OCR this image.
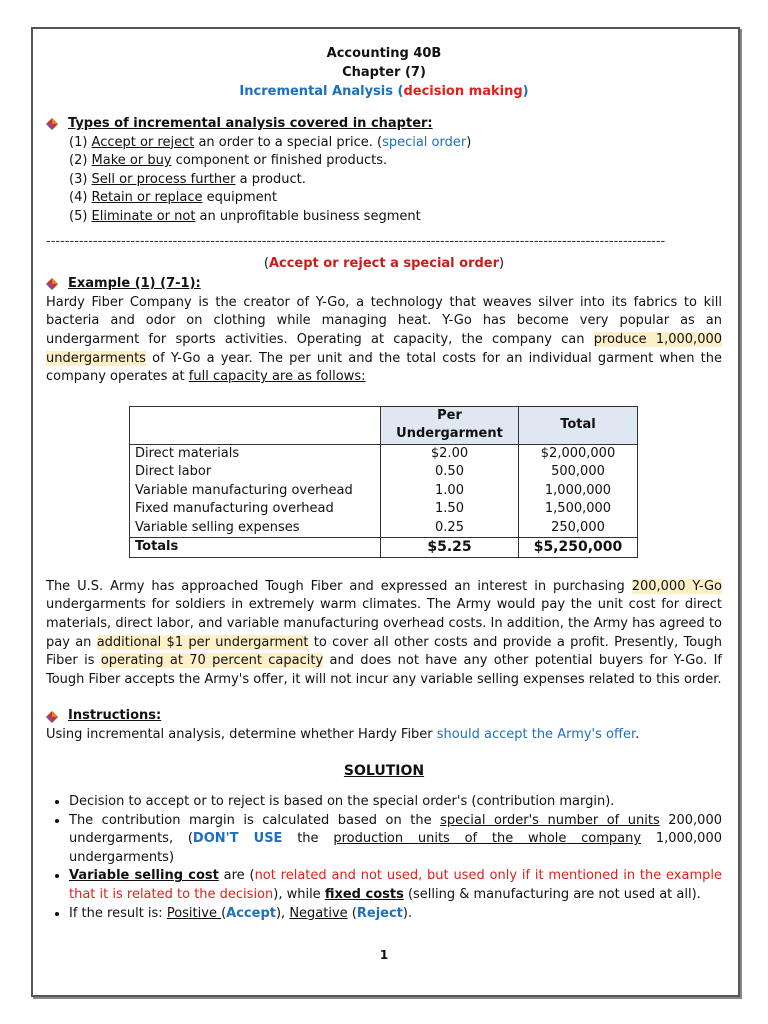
Accounting 40B
Chapter (7)
Incremental Analysis (decision making)
Types of incremental analysis covered in chapter:
(1) Accept or reject an order to a special price. (special order)
(2) Make or buy component or finished products.
(3) Sell or process further a product.
(4) Retain or replace equipment
(5) Eliminate or not an unprofitable business segment
------------------------------------------------------------------------------------------------------------------------------------
(Accept or reject a special order)
Example (1) (7-1):
Hardy Fiber Company is the creator of Y-Go, a technology that weaves silver into its fabrics to kill bacteria and odor on clothing while managing heat. Y-Go has become very popular as an undergarment for sports activities. Operating at capacity, the company can produce 1,000,000 undergarments of Y-Go a year. The per unit and the total costs for an individual garment when the company operates at full capacity are as follows:
	Per Undergarment	Total
Direct materials	$2.00	$2,000,000
Direct labor	0.50	500,000
Variable manufacturing overhead	1.00	1,000,000
Fixed manufacturing overhead	1.50	1,500,000
Variable selling expenses	0.25	250,000
Totals	$5.25	$5,250,000
The U.S. Army has approached Tough Fiber and expressed an interest in purchasing 200,000 Y-Go undergarments for soldiers in extremely warm climates. The Army would pay the unit cost for direct materials, direct labor, and variable manufacturing overhead costs. In addition, the Army has agreed to pay an additional $1 per undergarment to cover all other costs and provide a profit. Presently, Tough Fiber is operating at 70 percent capacity and does not have any other potential buyers for Y-Go. If Tough Fiber accepts the Army's offer, it will not incur any variable selling expenses related to this order.
Instructions:
Using incremental analysis, determine whether Hardy Fiber should accept the Army's offer.
SOLUTION
• Decision to accept or to reject is based on the special order's (contribution margin).
• The contribution margin is calculated based on the special order's number of units 200,000 undergarments, (DON'T USE the production units of the whole company 1,000,000 undergarments)
• Variable selling cost are (not related and not used, but used only if it mentioned in the example that it is related to the decision), while fixed costs (selling & manufacturing are not used at all).
• If the result is: Positive (Accept), Negative (Reject).
1
